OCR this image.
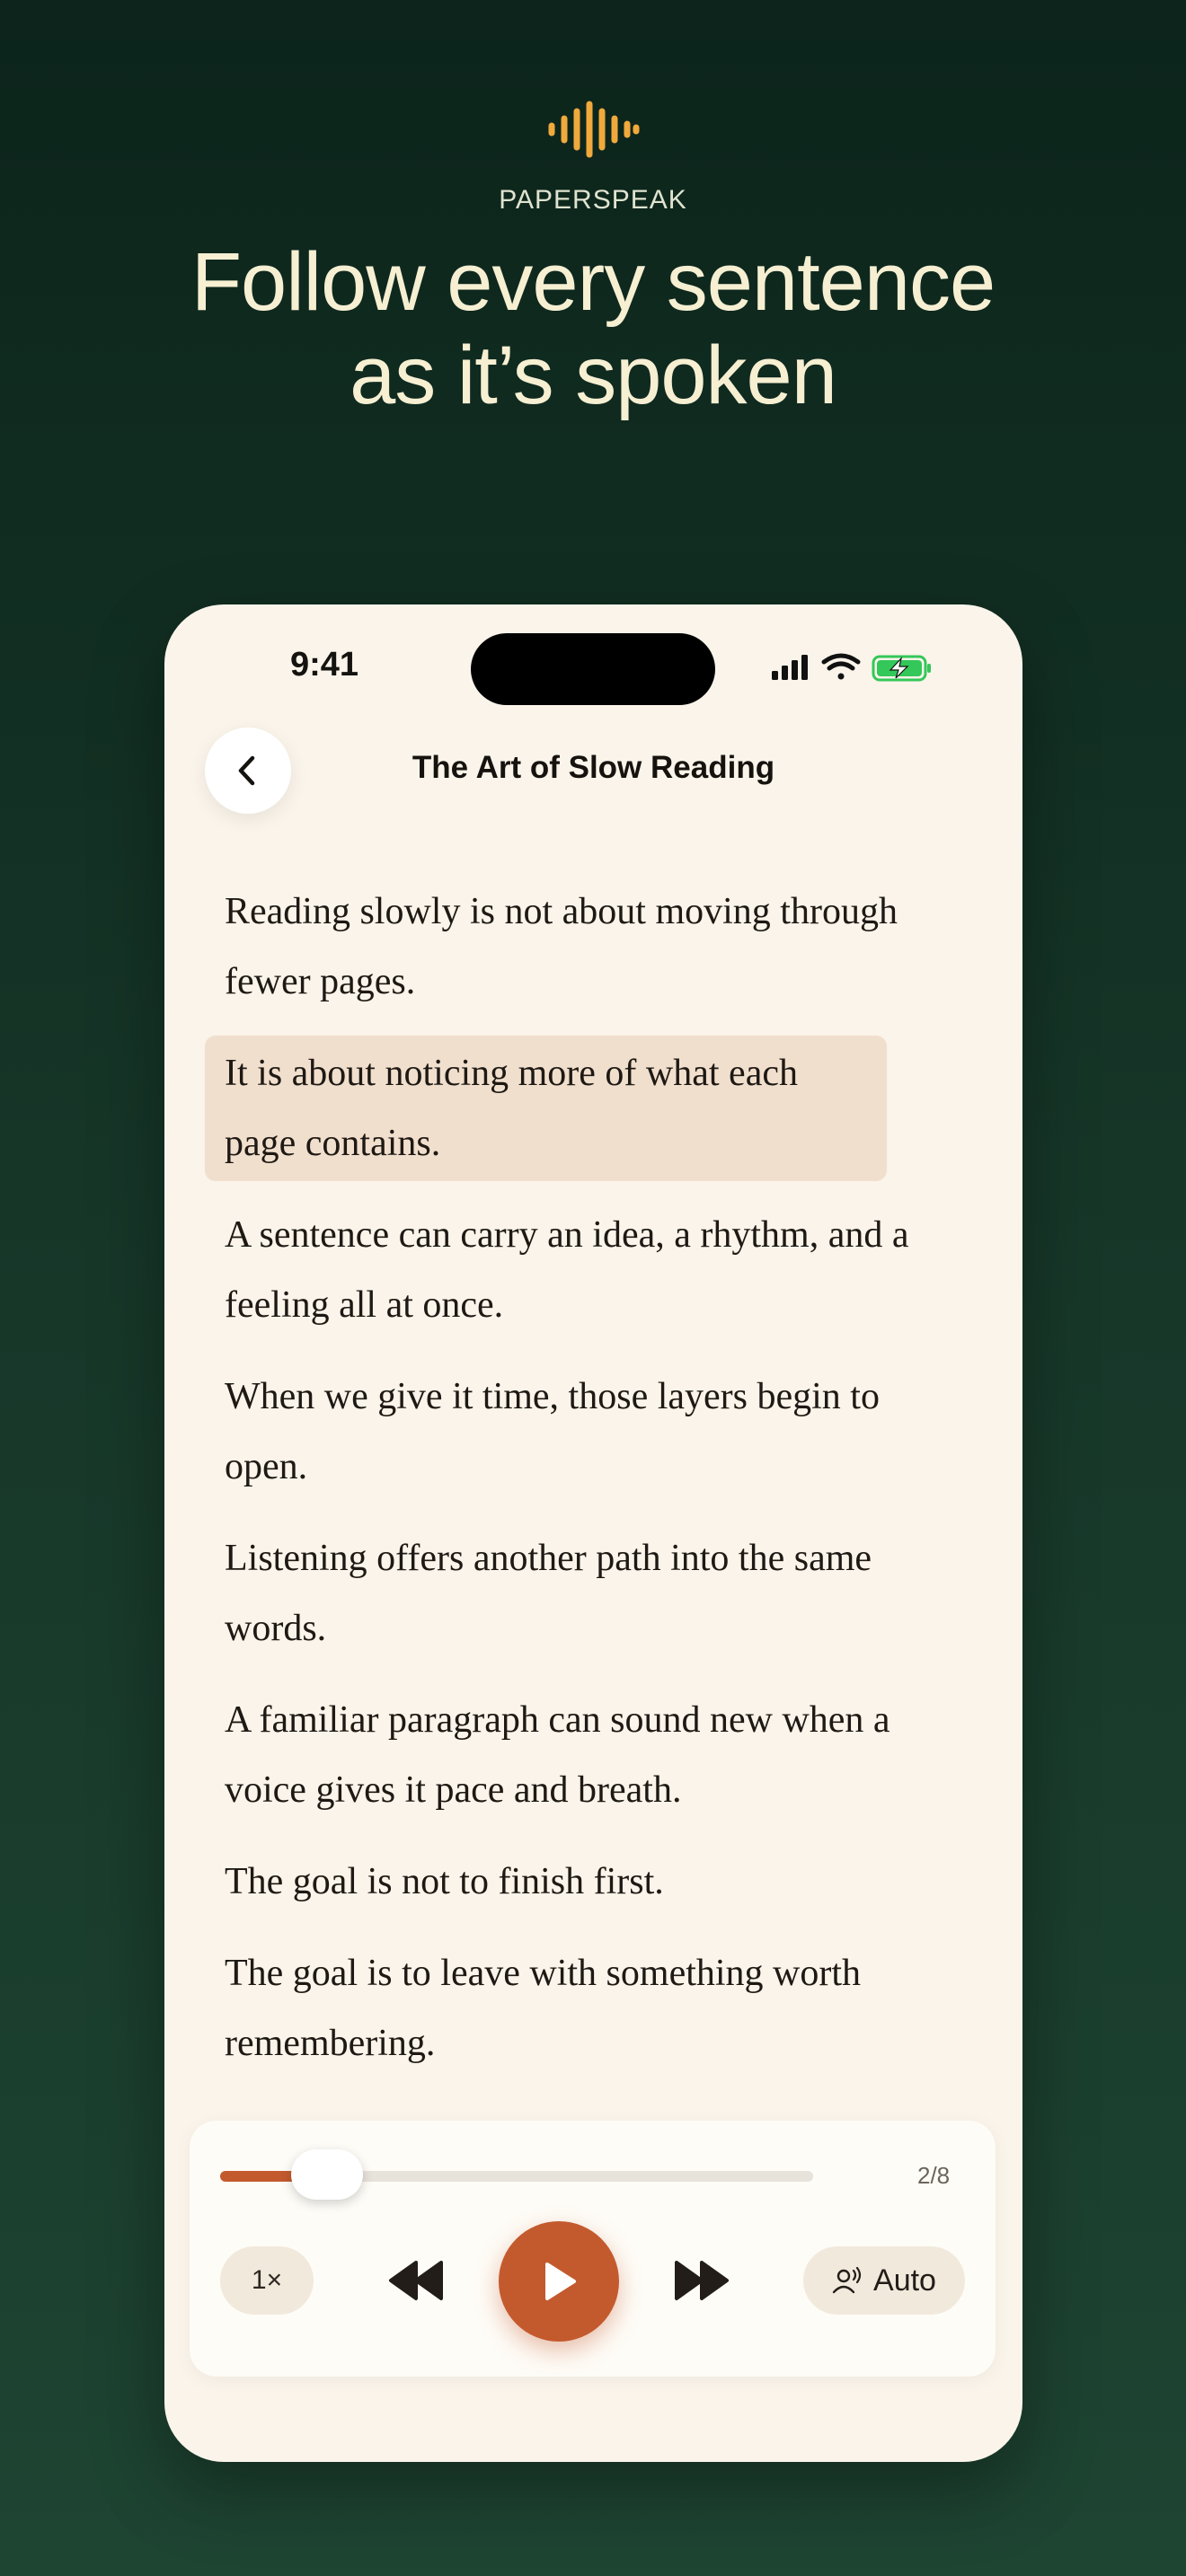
PAPERSPEAK
Follow every sentence
as it’s spoken
9:41
The Art of Slow Reading
Reading slowly is not about moving through fewer pages.
It is about noticing more of what each page contains.
A sentence can carry an idea, a rhythm, and a feeling all at once.
When we give it time, those layers begin to open.
Listening offers another path into the same words.
A familiar paragraph can sound new when a voice gives it pace and breath.
The goal is not to finish first.
The goal is to leave with something worth remembering.
2/8
1×	Auto
